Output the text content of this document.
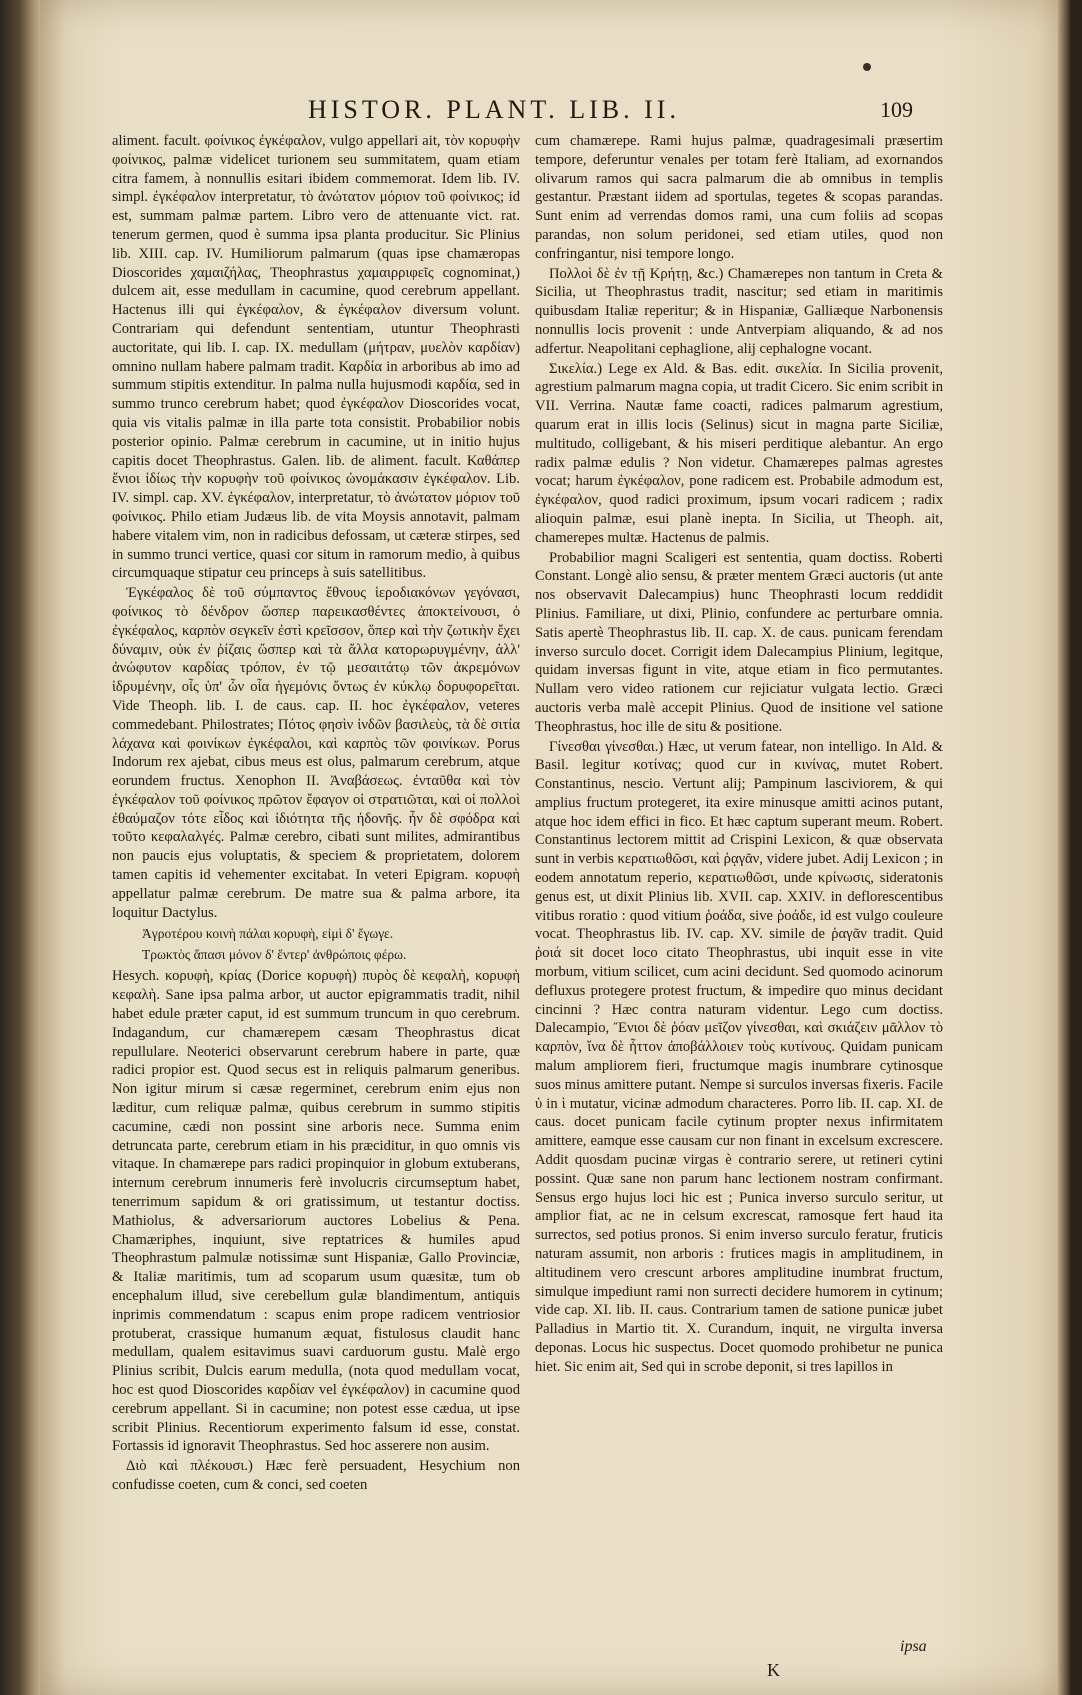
HISTOR. PLANT. LIB. II.	109

aliment. facult. φοίνικος ἐγκέφαλον, vulgo appellari ait, τὸν κορυφὴν φοίνικος, palmæ videlicet turionem seu summitatem, quam etiam citra famem, à nonnullis esitari ibidem commemorat. Idem lib. IV. simpl. ἐγκέφαλον interpretatur, τὸ ἀνώτατον μόριον τοῦ φοίνικος; id est, summam palmæ partem. Libro vero de attenuante vict. rat. tenerum germen, quod è summa ipsa planta producitur. Sic Plinius lib. XIII. cap. IV. Humiliorum palmarum (quas ipse chamæropas Dioscorides χαμαιζήλας, Theophrastus χαμαιρριφεῖς cognominat,) dulcem ait, esse medullam in cacumine, quod cerebrum appellant. Hactenus illi qui ἐγκέφαλον, & ἐγκέφαλον diversum volunt. Contrariam qui defendunt sententiam, utuntur Theophrasti auctoritate, qui lib. I. cap. IX. medullam (μήτραν, μυελὸν καρδίαν) omnino nullam habere palmam tradit. Καρδία in arboribus ab imo ad summum stipitis extenditur. In palma nulla hujusmodi καρδία, sed in summo trunco cerebrum habet; quod ἐγκέφαλον Dioscorides vocat, quia vis vitalis palmæ in illa parte tota consistit. Probabilior nobis posterior opinio. Palmæ cerebrum in cacumine, ut in initio hujus capitis docet Theophrastus. Galen. lib. de aliment. facult. Καθάπερ ἔνιοι ἰδίως τὴν κορυφὴν τοῦ φοίνικος ὠνομάκασιν ἐγκέφαλον. Lib. IV. simpl. cap. XV. ἐγκέφαλον, interpretatur, τὸ ἀνώτατον μόριον τοῦ φοίνικος. Philo etiam Judæus lib. de vita Moysis annotavit, palmam habere vitalem vim, non in radicibus defossam, ut cæteræ stirpes, sed in summo trunci vertice, quasi cor situm in ramorum medio, à quibus circumquaque stipatur ceu princeps à suis satellitibus.

Ἐγκέφαλος δὲ τοῦ σύμπαντος ἔθνους ἱεροδιακόνων γεγόνασι, φοίνικος τὸ δένδρον ὥσπερ παρεικασθέντες ἀποκτείνουσι, ὁ ἐγκέφαλος, καρπὸν σεγκεῖν ἐστὶ κρεῖσσον, ὅπερ καὶ τὴν ζωτικὴν ἔχει δύναμιν, οὐκ ἐν ῥίζαις ὥσπερ καὶ τὰ ἄλλα κατορωρυγμένην, ἀλλ' ἀνώφυτον καρδίας τρόπον, ἐν τῷ μεσαιτάτῳ τῶν ἀκρεμόνων ἱδρυμένην, οἷς ὑπ' ὧν οἷα ἡγεμόνις ὄντως ἐν κύκλῳ δορυφορεῖται. Vide Theoph. lib. I. de caus. cap. II. hoc ἐγκέφαλον, veteres commedebant. Philostrates; Πότος φησὶν ἰνδῶν βασιλεὺς, τὰ δὲ σιτία λάχανα καὶ φοινίκων ἐγκέφαλοι, καὶ καρπὸς τῶν φοινίκων. Porus Indorum rex ajebat, cibus meus est olus, palmarum cerebrum, atque eorundem fructus. Xenophon II. Ἀναβάσεως. ἐνταῦθα καὶ τὸν ἐγκέφαλον τοῦ φοίνικος πρῶτον ἔφαγον οἱ στρατιῶται, καὶ οἱ πολλοὶ ἐθαύμαζον τότε εἶδος καὶ ἰδιότητα τῆς ἡδονῆς. ἦν δὲ σφόδρα καὶ τοῦτο κεφαλαλγές. Palmæ cerebro, cibati sunt milites, admirantibus non paucis ejus voluptatis, & speciem & proprietatem, dolorem tamen capitis id vehementer excitabat. In veteri Epigram. κορυφὴ appellatur palmæ cerebrum. De matre sua & palma arbore, ita loquitur Dactylus.

Ἀγροτέρου κοινὴ πάλαι κορυφὴ, εἰμὶ δ' ἔγωγε.

Τρωκτὸς ἄπασι μόνον δ' ἔντερ' ἀνθρώποις φέρω.

Hesych. κορυφὴ, κρίας (Dorice κορυφὴ) πυρὸς δὲ κεφαλὴ, κορυφὴ κεφαλὴ. Sane ipsa palma arbor, ut auctor epigrammatis tradit, nihil habet edule præter caput, id est summum truncum in quo cerebrum. Indagandum, cur chamærepem cæsam Theophrastus dicat repullulare. Neoterici observarunt cerebrum habere in parte, quæ radici propior est. Quod secus est in reliquis palmarum generibus. Non igitur mirum si cæsæ regerminet, cerebrum enim ejus non læditur, cum reliquæ palmæ, quibus cerebrum in summo stipitis cacumine, cædi non possint sine arboris nece. Summa enim detruncata parte, cerebrum etiam in his præciditur, in quo omnis vis vitaque. In chamærepe pars radici propinquior in globum extuberans, internum cerebrum innumeris ferè involucris circumseptum habet, tenerrimum sapidum & ori gratissimum, ut testantur doctiss. Mathiolus, & adversariorum auctores Lobelius & Pena. Chamæriphes, inquiunt, sive reptatrices & humiles apud Theophrastum palmulæ notissimæ sunt Hispaniæ, Gallo Provinciæ, & Italiæ maritimis, tum ad scoparum usum quæsitæ, tum ob encephalum illud, sive cerebellum gulæ blandimentum, antiquis inprimis commendatum : scapus enim prope radicem ventriosior protuberat, crassique humanum æquat, fistulosus claudit hanc medullam, qualem esitavimus suavi carduorum gustu. Malè ergo Plinius scribit, Dulcis earum medulla, (nota quod medullam vocat, hoc est quod Dioscorides καρδίαν vel ἐγκέφαλον) in cacumine quod cerebrum appellant. Si in cacumine; non potest esse cædua, ut ipse scribit Plinius. Recentiorum experimento falsum id esse, constat. Fortassis id ignoravit Theophrastus. Sed hoc asserere non ausim.

Διὸ καὶ πλέκουσι.) Hæc ferè persuadent, Hesychium non confudisse coeten, cum & conci, sed coeten

cum chamærepe. Rami hujus palmæ, quadragesimali præsertim tempore, deferuntur venales per totam ferè Italiam, ad exornandos olivarum ramos qui sacra palmarum die ab omnibus in templis gestantur. Præstant iidem ad sportulas, tegetes & scopas parandas. Sunt enim ad verrendas domos rami, una cum foliis ad scopas parandas, non solum peridonei, sed etiam utiles, quod non confringantur, nisi tempore longo.

Πολλοὶ δὲ ἐν τῇ Κρήτῃ, &c.) Chamærepes non tantum in Creta & Sicilia, ut Theophrastus tradit, nascitur; sed etiam in maritimis quibusdam Italiæ reperitur; & in Hispaniæ, Galliæque Narbonensis nonnullis locis provenit : unde Antverpiam aliquando, & ad nos adfertur. Neapolitani cephaglione, alij cephalogne vocant.

Σικελία.) Lege ex Ald. & Bas. edit. σικελία. In Sicilia provenit, agrestium palmarum magna copia, ut tradit Cicero. Sic enim scribit in VII. Verrina. Nautæ fame coacti, radices palmarum agrestium, quarum erat in illis locis (Selinus) sicut in magna parte Siciliæ, multitudo, colligebant, & his miseri perditique alebantur. An ergo radix palmæ edulis ? Non videtur. Chamærepes palmas agrestes vocat; harum ἐγκέφαλον, pone radicem est. Probabile admodum est, ἐγκέφαλον, quod radici proximum, ipsum vocari radicem ; radix alioquin palmæ, esui planè inepta. In Sicilia, ut Theoph. ait, chamerepes multæ. Hactenus de palmis.

Probabilior magni Scaligeri est sententia, quam doctiss. Roberti Constant. Longè alio sensu, & præter mentem Græci auctoris (ut ante nos observavit Dalecampius) hunc Theophrasti locum reddidit Plinius. Familiare, ut dixi, Plinio, confundere ac perturbare omnia. Satis apertè Theophrastus lib. II. cap. X. de caus. punicam ferendam inverso surculo docet. Corrigit idem Dalecampius Plinium, legitque, quidam inversas figunt in vite, atque etiam in fico permutantes. Nullam vero video rationem cur rejiciatur vulgata lectio. Græci auctoris verba malè accepit Plinius. Quod de insitione vel satione Theophrastus, hoc ille de situ & positione.

Γίνεσθαι γίνεσθαι.) Hæc, ut verum fatear, non intelligo. In Ald. & Basil. legitur κοτίνας; quod cur in κινίνας, mutet Robert. Constantinus, nescio. Vertunt alij; Pampinum lasciviorem, & qui amplius fructum protegeret, ita exire minusque amitti acinos putant, atque hoc idem effici in fico. Et hæc captum superant meum. Robert. Constantinus lectorem mittit ad Crispini Lexicon, & quæ observata sunt in verbis κερατιωθῶσι, καὶ ῥᾳγᾶν, videre jubet. Adij Lexicon ; in eodem annotatum reperio, κερατιωθῶσι, unde κρίνωσις, sideratonis genus est, ut dixit Plinius lib. XVII. cap. XXIV. in deflorescentibus vitibus roratio : quod vitium ῥοάδα, sive ῥοάδε, id est vulgo couleure vocat. Theophrastus lib. IV. cap. XV. simile de ῥαγᾶν tradit. Quid ῥοιά sit docet loco citato Theophrastus, ubi inquit esse in vite morbum, vitium scilicet, cum acini decidunt. Sed quomodo acinorum defluxus protegere protest fructum, & impedire quo minus decidant cincinni ? Hæc contra naturam videntur. Lego cum doctiss. Dalecampio, Ἔνιοι δὲ ῥόαν μεῖζον γίνεσθαι, καὶ σκιάζειν μᾶλλον τὸ καρπὸν, ἵνα δὲ ἧττον ἀποβάλλοιεν τοὺς κυτίνους. Quidam punicam malum ampliorem fieri, fructumque magis inumbrare cytinosque suos minus amittere putant. Nempe si surculos inversas fixeris. Facile ὑ in ὶ mutatur, vicinæ admodum characteres. Porro lib. II. cap. XI. de caus. docet punicam facile cytinum propter nexus infirmitatem amittere, eamque esse causam cur non finant in excelsum excrescere. Addit quosdam pucinæ virgas è contrario serere, ut retineri cytini possint. Quæ sane non parum hanc lectionem nostram confirmant. Sensus ergo hujus loci hic est ; Punica inverso surculo seritur, ut amplior fiat, ac ne in celsum excrescat, ramosque fert haud ita surrectos, sed potius pronos. Si enim inverso surculo feratur, fruticis naturam assumit, non arboris : frutices magis in amplitudinem, in altitudinem vero crescunt arbores amplitudine inumbrat fructum, simulque impediunt rami non surrecti decidere humorem in cytinum; vide cap. XI. lib. II. caus. Contrarium tamen de satione punicæ jubet Palladius in Martio tit. X. Curandum, inquit, ne virgulta inversa deponas. Locus hic suspectus. Docet quomodo prohibetur ne punica hiet. Sic enim ait, Sed qui in scrobe deponit, si tres lapillos in

K
ipsa
